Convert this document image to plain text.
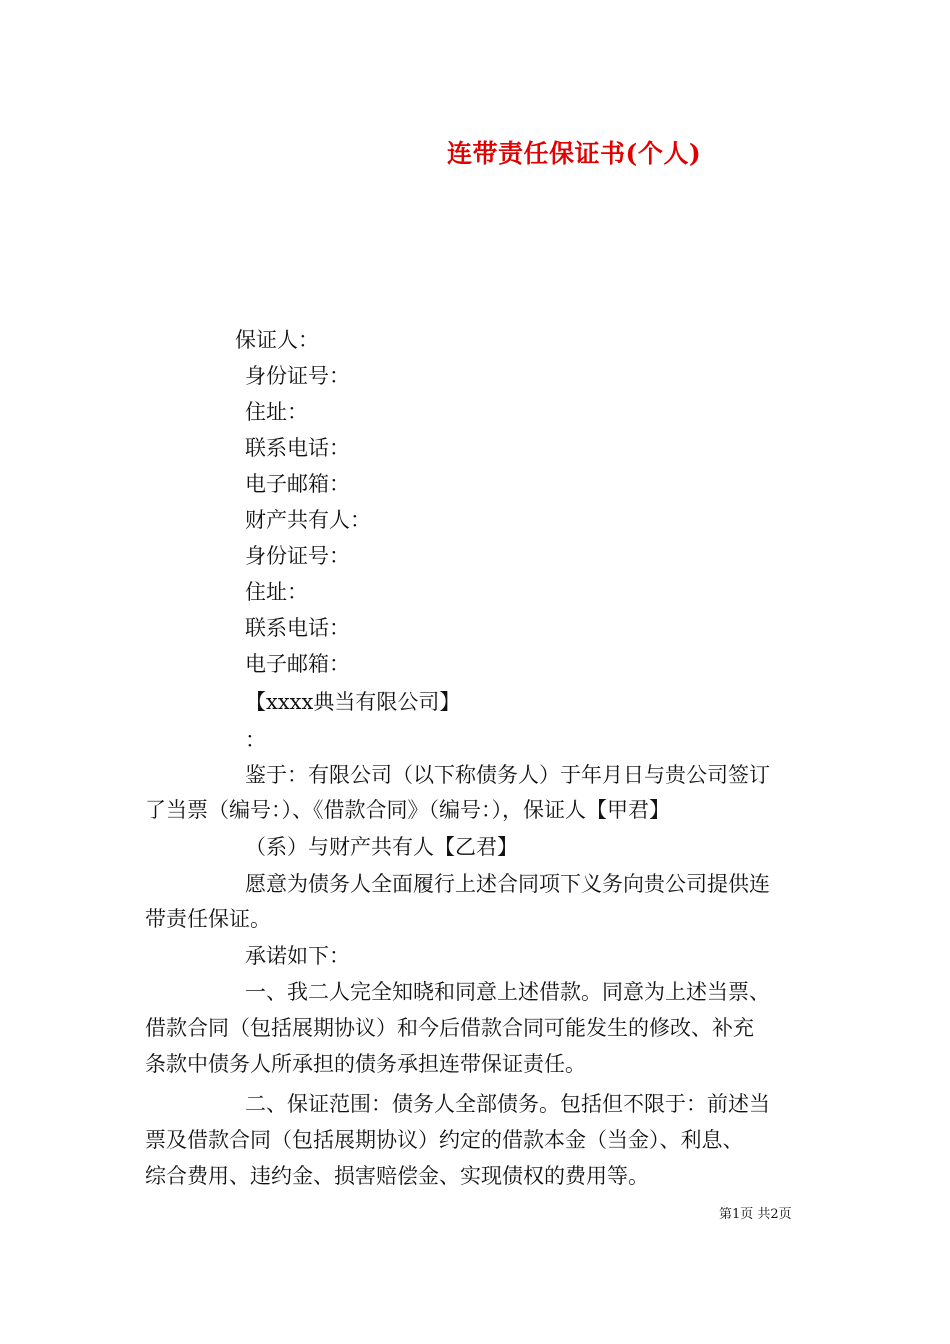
连带责任保证书(个人)
保证人：
身份证号：
住址：
联系电话：
电子邮箱：
财产共有人：
身份证号：
住址：
联系电话：
电子邮箱：
【xxxx典当有限公司】
：
鉴于：有限公司（以下称债务人）于年月日与贵公司签订
了当票（编号：）、《借款合同》（编号：），保证人【甲君】
（系）与财产共有人【乙君】
愿意为债务人全面履行上述合同项下义务向贵公司提供连
带责任保证。
承诺如下：
一、我二人完全知晓和同意上述借款。同意为上述当票、
借款合同（包括展期协议）和今后借款合同可能发生的修改、补充
条款中债务人所承担的债务承担连带保证责任。
二、保证范围：债务人全部债务。包括但不限于：前述当
票及借款合同（包括展期协议）约定的借款本金（当金）、利息、
综合费用、违约金、损害赔偿金、实现债权的费用等。
第1页 共2页
